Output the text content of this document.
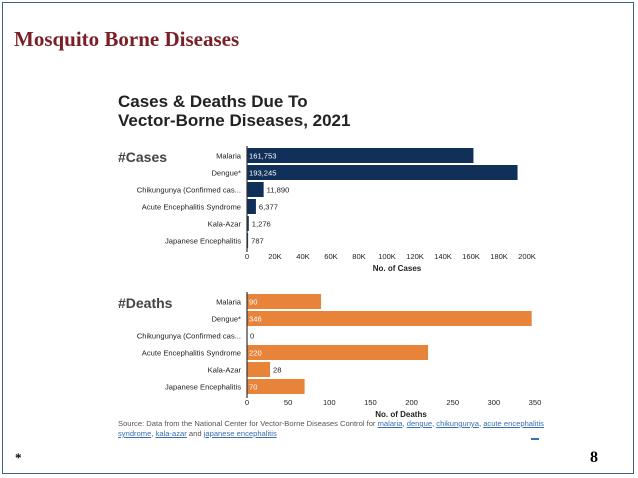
Mosquito Borne Diseases
Cases & Deaths Due To Vector-Borne Diseases, 2021
#Cases	Malaria 161,753
Dengue* 193,245
Chikungunya (Confirmed cas...	11,890
Acute Encephalitis Syndrome 6,377
Kala-Azar 1,276
Japanese Encephalitis 787
0	20K 40K 60K 80K 100K 120K 140K 160K 180K 200K
No. of Cases
#Deaths	Malaria 90
Dengue* 346
Chikungunya (Confirmed cas... 0
Acute Encephalitis Syndrome 220
Kala-Azar	28
Japanese Encephalitis 70
0	50	100	150	200	250	300	350
No. of Deaths
Source: Data from the National Center for Vector-Borne Diseases Control for malaria, dengue, chikungunya, acute encephalitis syndrome, kala-azar and japanese encephalitis
*	8
